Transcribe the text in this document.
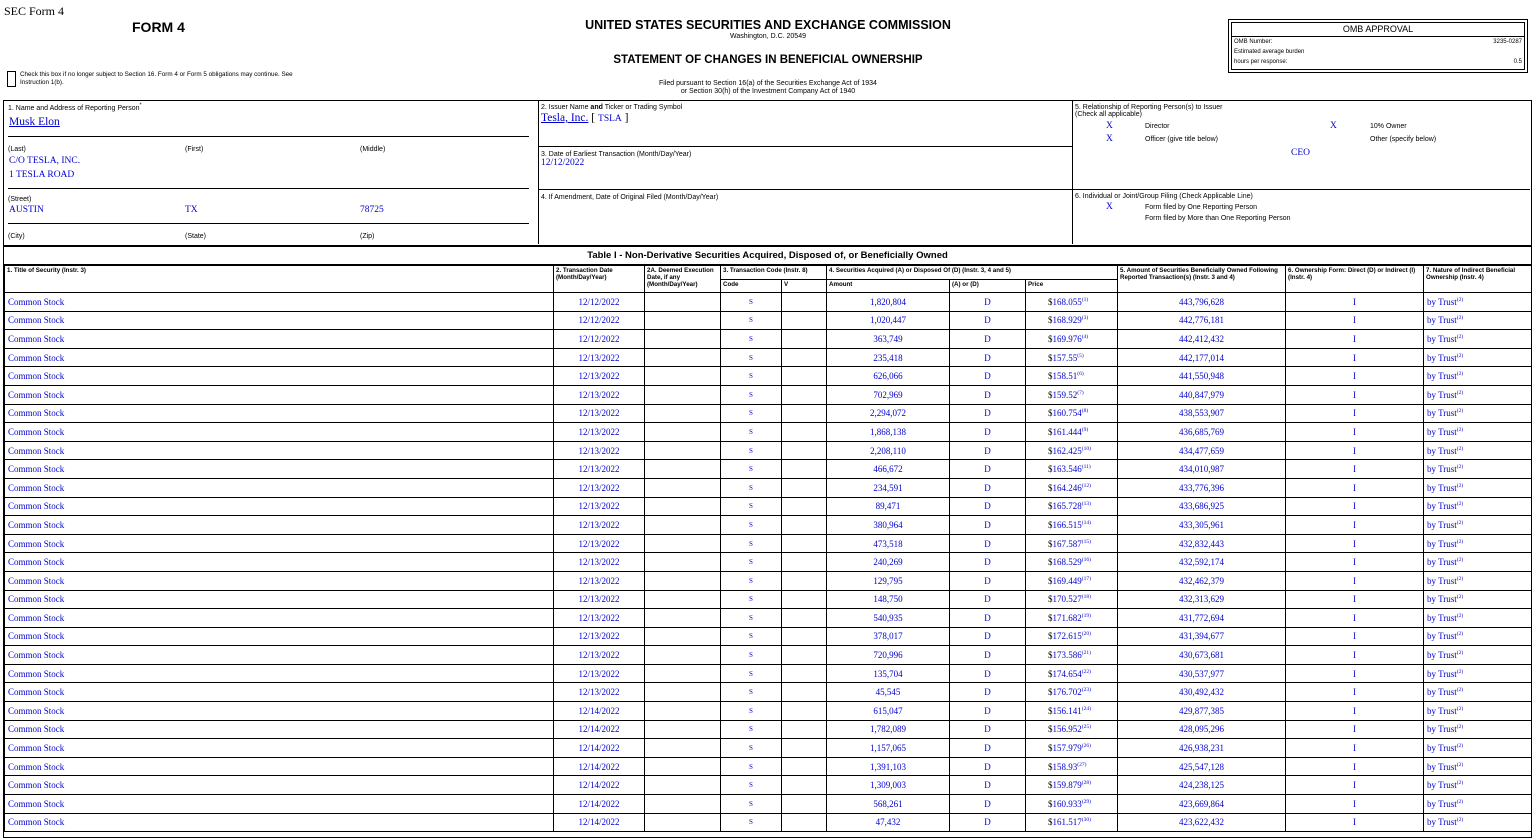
SEC Form 4
FORM 4	UNITED STATES SECURITIES AND EXCHANGE COMMISSION
Washington, D.C. 20549
STATEMENT OF CHANGES IN BENEFICIAL OWNERSHIP
Filed pursuant to Section 16(a) of the Securities Exchange Act of 1934
or Section 30(h) of the Investment Company Act of 1940
OMB APPROVAL
OMB Number:	3235-0287
Estimated average burden
hours per response:	0.5
Check this box if no longer subject to Section 16. Form 4 or Form 5 obligations may continue. See Instruction 1(b).
1. Name and Address of Reporting Person*
Musk Elon
(Last)	(First)	(Middle)
C/O TESLA, INC.
1 TESLA ROAD
(Street)
AUSTIN	TX	78725
(City)	(State)	(Zip)
2. Issuer Name and Ticker or Trading Symbol
Tesla, Inc. [ TSLA ]
3. Date of Earliest Transaction (Month/Day/Year)
12/12/2022
4. If Amendment, Date of Original Filed (Month/Day/Year)
5. Relationship of Reporting Person(s) to Issuer
(Check all applicable)
X	Director	X	10% Owner
X	Officer (give title below)	Other (specify below)
CEO
6. Individual or Joint/Group Filing (Check Applicable Line)
X	Form filed by One Reporting Person
Form filed by More than One Reporting Person
Table I - Non-Derivative Securities Acquired, Disposed of, or Beneficially Owned
1. Title of Security (Instr. 3)	2. Transaction Date (Month/Day/Year)	2A. Deemed Execution Date, if any (Month/Day/Year)	3. Transaction Code (Instr. 8)		4. Securities Acquired (A) or Disposed Of (D) (Instr. 3, 4 and 5)			5. Amount of Securities Beneficially Owned Following Reported Transaction(s) (Instr. 3 and 4)	6. Ownership Form: Direct (D) or Indirect (I) (Instr. 4)	7. Nature of Indirect Beneficial Ownership (Instr. 4)
			Code	V	Amount	(A) or (D)	Price			
Common Stock	12/12/2022		S		1,820,804	D	$168.055$^{(1)}$	443,796,628	I	by Trust$^{(2)}$
Common Stock	12/12/2022		S		1,020,447	D	$168.929$^{(3)}$	442,776,181	I	by Trust$^{(2)}$
Common Stock	12/12/2022		S		363,749	D	$169.976$^{(4)}$	442,412,432	I	by Trust$^{(2)}$
Common Stock	12/13/2022		S		235,418	D	$157.55$^{(5)}$	442,177,014	I	by Trust$^{(2)}$
Common Stock	12/13/2022		S		626,066	D	$158.51$^{(6)}$	441,550,948	I	by Trust$^{(2)}$
Common Stock	12/13/2022		S		702,969	D	$159.52$^{(7)}$	440,847,979	I	by Trust$^{(2)}$
Common Stock	12/13/2022		S		2,294,072	D	$160.754$^{(8)}$	438,553,907	I	by Trust$^{(2)}$
Common Stock	12/13/2022		S		1,868,138	D	$161.444$^{(9)}$	436,685,769	I	by Trust$^{(2)}$
Common Stock	12/13/2022		S		2,208,110	D	$162.425$^{(10)}$	434,477,659	I	by Trust$^{(2)}$
Common Stock	12/13/2022		S		466,672	D	$163.546$^{(11)}$	434,010,987	I	by Trust$^{(2)}$
Common Stock	12/13/2022		S		234,591	D	$164.246$^{(12)}$	433,776,396	I	by Trust$^{(2)}$
Common Stock	12/13/2022		S		89,471	D	$165.728$^{(13)}$	433,686,925	I	by Trust$^{(2)}$
Common Stock	12/13/2022		S		380,964	D	$166.515$^{(14)}$	433,305,961	I	by Trust$^{(2)}$
Common Stock	12/13/2022		S		473,518	D	$167.587$^{(15)}$	432,832,443	I	by Trust$^{(2)}$
Common Stock	12/13/2022		S		240,269	D	$168.529$^{(16)}$	432,592,174	I	by Trust$^{(2)}$
Common Stock	12/13/2022		S		129,795	D	$169.449$^{(17)}$	432,462,379	I	by Trust$^{(2)}$
Common Stock	12/13/2022		S		148,750	D	$170.527$^{(18)}$	432,313,629	I	by Trust$^{(2)}$
Common Stock	12/13/2022		S		540,935	D	$171.682$^{(19)}$	431,772,694	I	by Trust$^{(2)}$
Common Stock	12/13/2022		S		378,017	D	$172.615$^{(20)}$	431,394,677	I	by Trust$^{(2)}$
Common Stock	12/13/2022		S		720,996	D	$173.586$^{(21)}$	430,673,681	I	by Trust$^{(2)}$
Common Stock	12/13/2022		S		135,704	D	$174.654$^{(22)}$	430,537,977	I	by Trust$^{(2)}$
Common Stock	12/13/2022		S		45,545	D	$176.702$^{(23)}$	430,492,432	I	by Trust$^{(2)}$
Common Stock	12/14/2022		S		615,047	D	$156.141$^{(24)}$	429,877,385	I	by Trust$^{(2)}$
Common Stock	12/14/2022		S		1,782,089	D	$156.952$^{(25)}$	428,095,296	I	by Trust$^{(2)}$
Common Stock	12/14/2022		S		1,157,065	D	$157.979$^{(26)}$	426,938,231	I	by Trust$^{(2)}$
Common Stock	12/14/2022		S		1,391,103	D	$158.93$^{(27)}$	425,547,128	I	by Trust$^{(2)}$
Common Stock	12/14/2022		S		1,309,003	D	$159.879$^{(28)}$	424,238,125	I	by Trust$^{(2)}$
Common Stock	12/14/2022		S		568,261	D	$160.933$^{(29)}$	423,669,864	I	by Trust$^{(2)}$
Common Stock	12/14/2022		S		47,432	D	$161.517$^{(30)}$	423,622,432	I	by Trust$^{(2)}$
